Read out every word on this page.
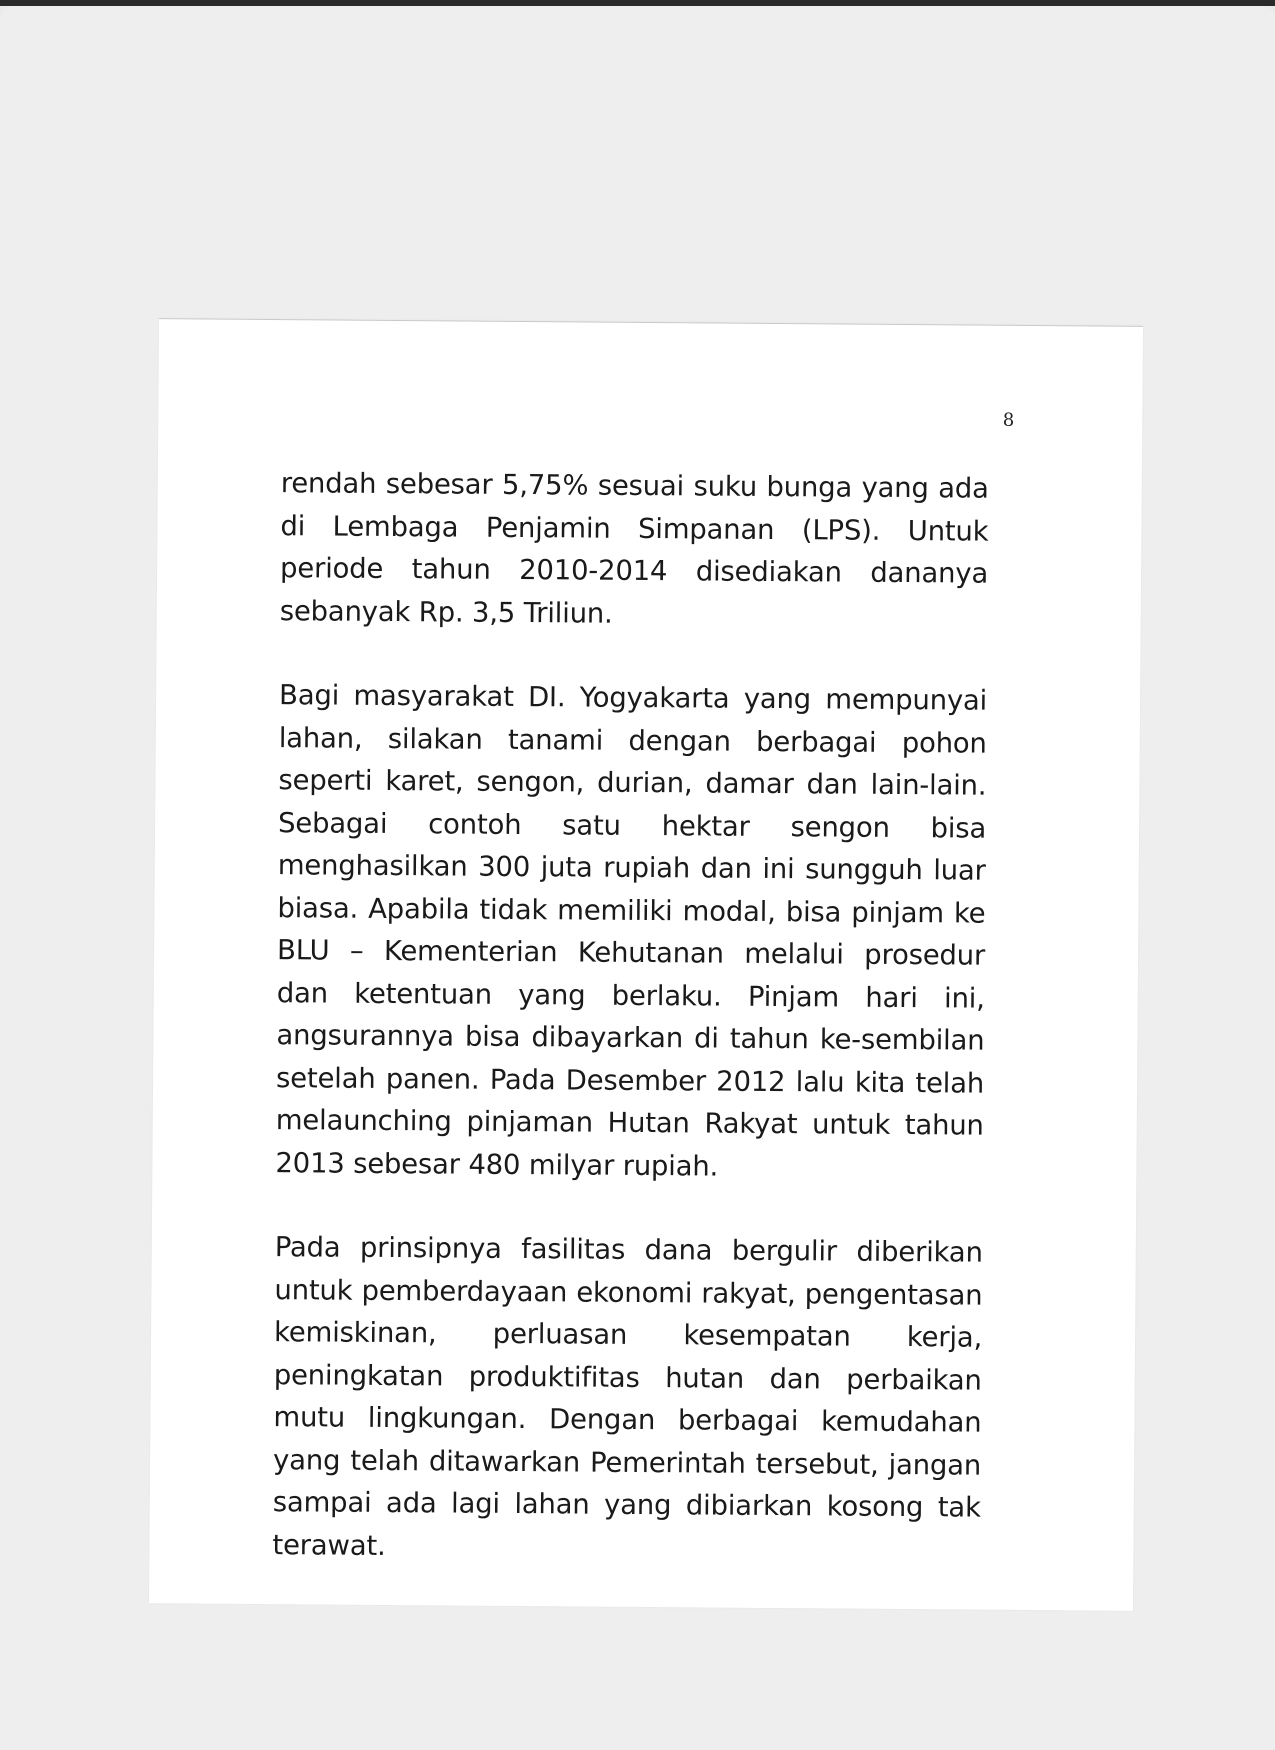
8

rendah sebesar 5,75% sesuai suku bunga yang ada di Lembaga Penjamin Simpanan (LPS). Untuk periode tahun 2010-2014 disediakan dananya sebanyak Rp. 3,5 Triliun.

Bagi masyarakat DI. Yogyakarta yang mempunyai lahan, silakan tanami dengan berbagai pohon seperti karet, sengon, durian, damar dan lain-lain. Sebagai contoh satu hektar sengon bisa menghasilkan 300 juta rupiah dan ini sungguh luar biasa. Apabila tidak memiliki modal, bisa pinjam ke BLU – Kementerian Kehutanan melalui prosedur dan ketentuan yang berlaku. Pinjam hari ini, angsurannya bisa dibayarkan di tahun ke-sembilan setelah panen. Pada Desember 2012 lalu kita telah melaunching pinjaman Hutan Rakyat untuk tahun 2013 sebesar 480 milyar rupiah.

Pada prinsipnya fasilitas dana bergulir diberikan untuk pemberdayaan ekonomi rakyat, pengentasan kemiskinan, perluasan kesempatan kerja, peningkatan produktifitas hutan dan perbaikan mutu lingkungan. Dengan berbagai kemudahan yang telah ditawarkan Pemerintah tersebut, jangan sampai ada lagi lahan yang dibiarkan kosong tak terawat.
